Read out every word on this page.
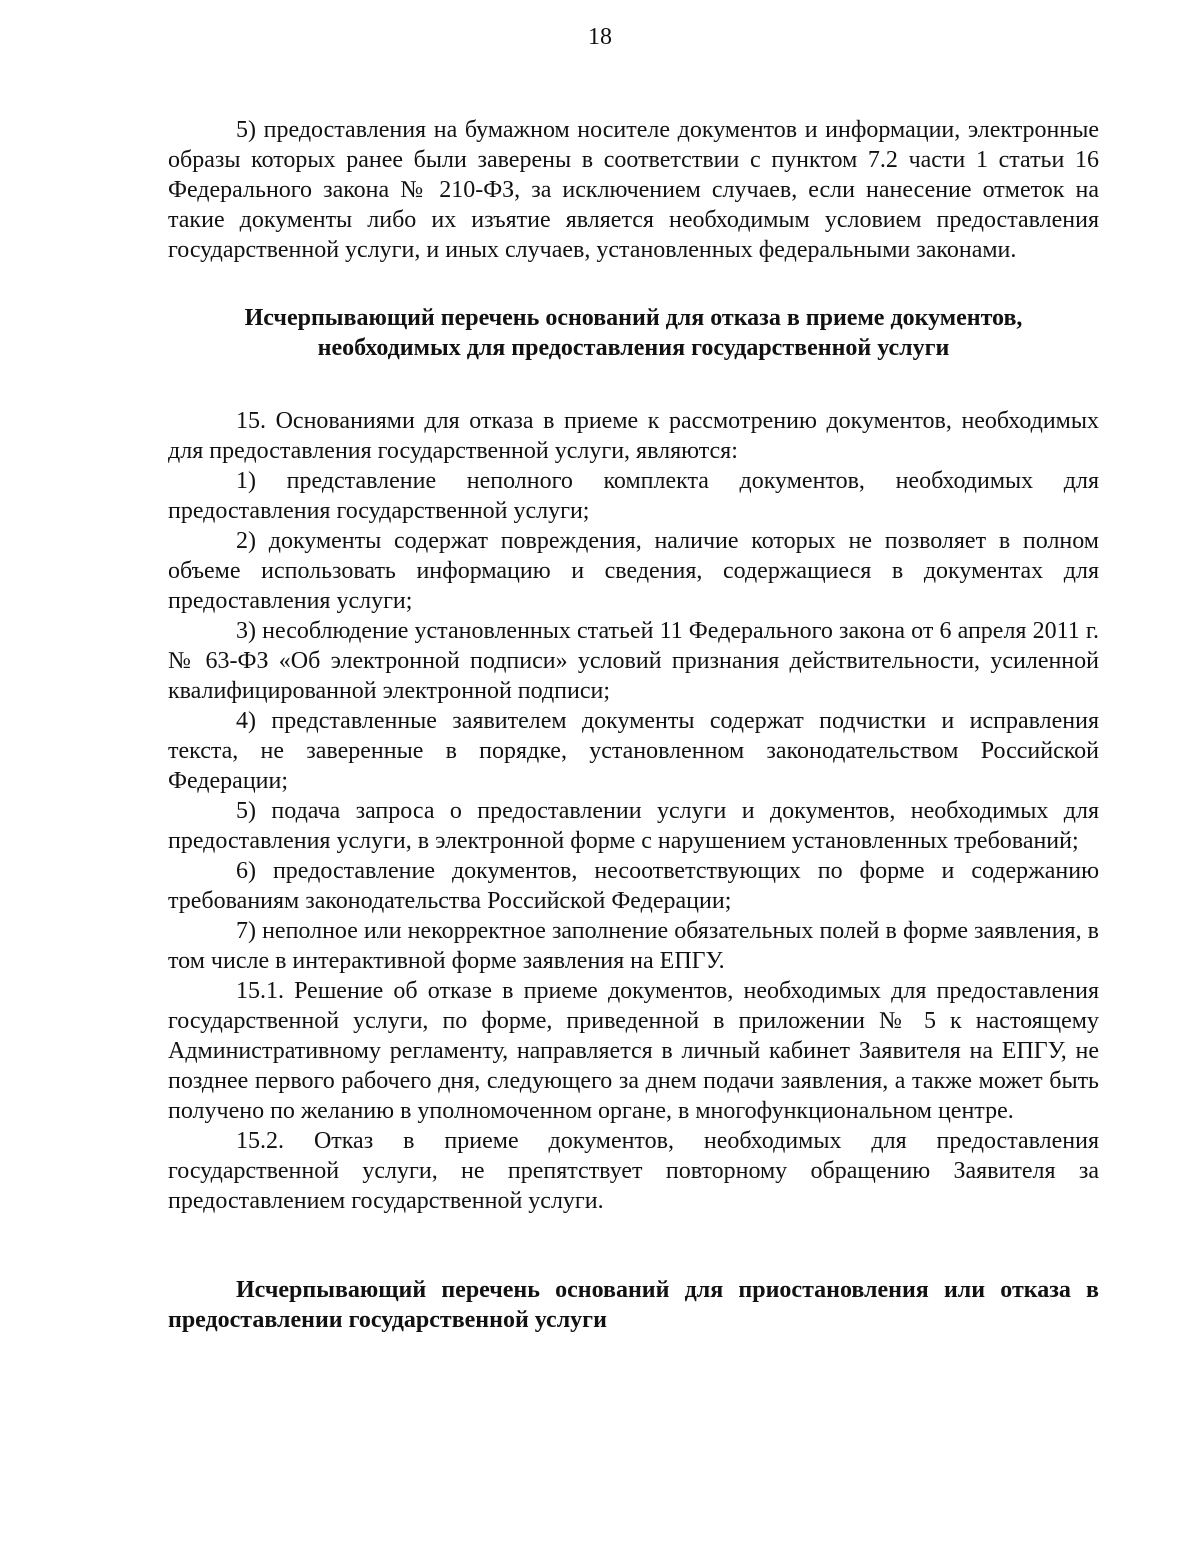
18

5) предоставления на бумажном носителе документов и информации, электронные образы которых ранее были заверены в соответствии с пунктом 7.2 части 1 статьи 16 Федерального закона № 210-ФЗ, за исключением случаев, если нанесение отметок на такие документы либо их изъятие является необходимым условием предоставления государственной услуги, и иных случаев, установленных федеральными законами.

Исчерпывающий перечень оснований для отказа в приеме документов,
необходимых для предоставления государственной услуги

15. Основаниями для отказа в приеме к рассмотрению документов, необходимых для предоставления государственной услуги, являются:

1) представление неполного комплекта документов, необходимых для предоставления государственной услуги;

2) документы содержат повреждения, наличие которых не позволяет в полном объеме использовать информацию и сведения, содержащиеся в документах для предоставления услуги;

3) несоблюдение установленных статьей 11 Федерального закона от 6 апреля 2011 г. № 63-ФЗ «Об электронной подписи» условий признания действительности, усиленной квалифицированной электронной подписи;

4) представленные заявителем документы содержат подчистки и исправления текста, не заверенные в порядке, установленном законодательством Российской Федерации;

5) подача запроса о предоставлении услуги и документов, необходимых для предоставления услуги, в электронной форме с нарушением установленных требований;

6) предоставление документов, несоответствующих по форме и содержанию требованиям законодательства Российской Федерации;

7) неполное или некорректное заполнение обязательных полей в форме заявления, в том числе в интерактивной форме заявления на ЕПГУ.

15.1. Решение об отказе в приеме документов, необходимых для предоставления государственной услуги, по форме, приведенной в приложении № 5 к настоящему Административному регламенту, направляется в личный кабинет Заявителя на ЕПГУ, не позднее первого рабочего дня, следующего за днем подачи заявления, а также может быть получено по желанию в уполномоченном органе, в многофункциональном центре.

15.2. Отказ в приеме документов, необходимых для предоставления государственной услуги, не препятствует повторному обращению Заявителя за предоставлением государственной услуги.

Исчерпывающий перечень оснований для приостановления или отказа в предоставлении государственной услуги
